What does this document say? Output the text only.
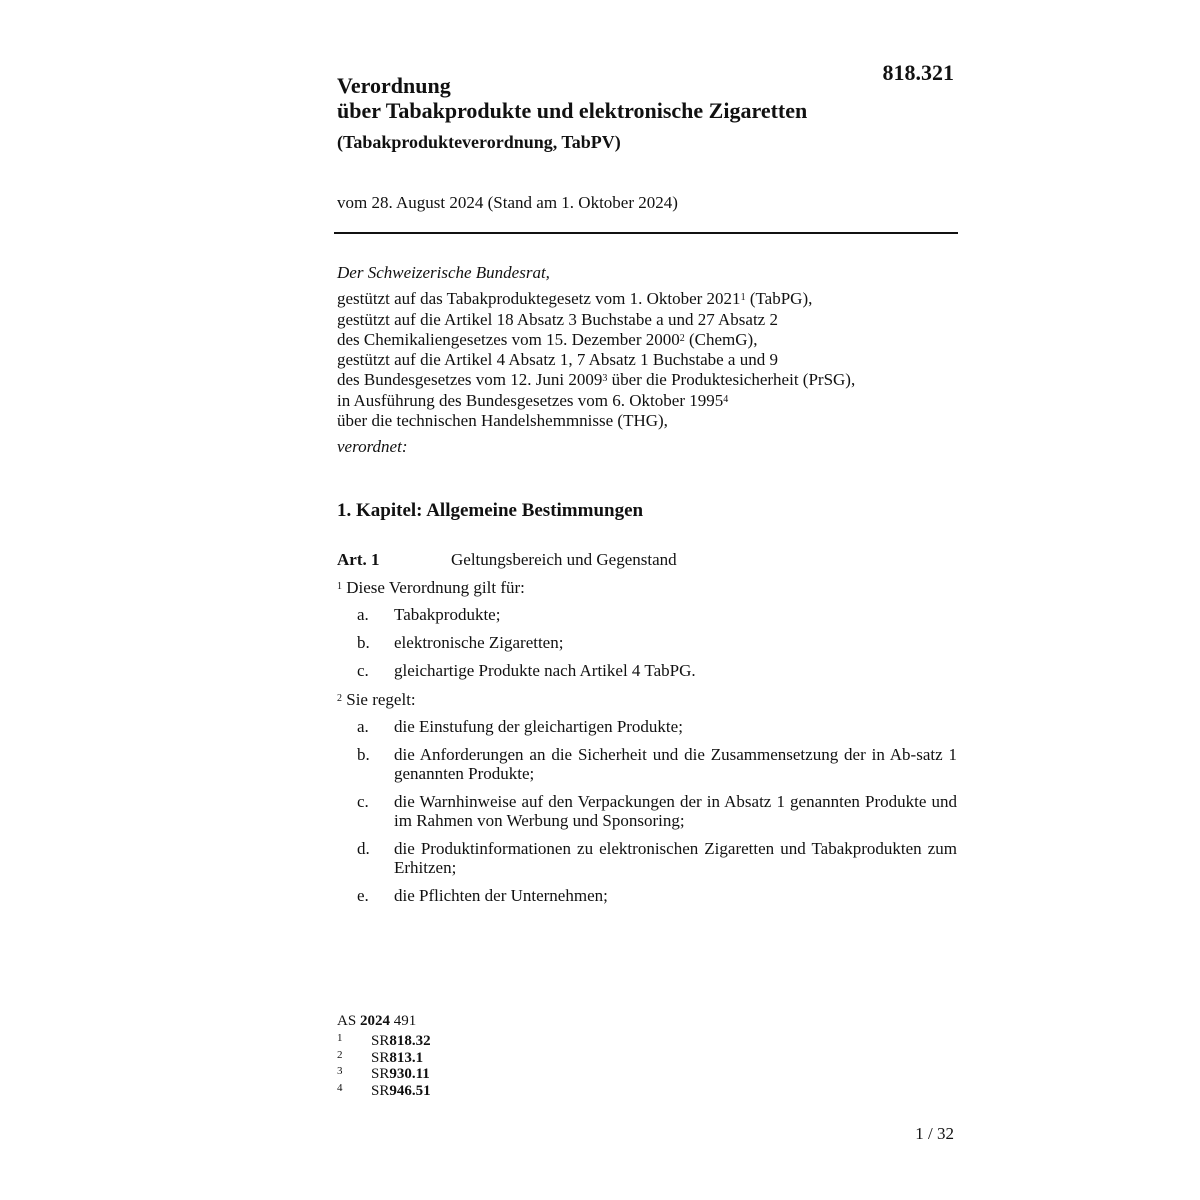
818.321
Verordnung
über Tabakprodukte und elektronische Zigaretten
(Tabakprodukteverordnung, TabPV)
vom 28. August 2024 (Stand am 1. Oktober 2024)
Der Schweizerische Bundesrat,
gestützt auf das Tabakproduktegesetz vom 1. Oktober 2021$^1$ (TabPG),
gestützt auf die Artikel 18 Absatz 3 Buchstabe a und 27 Absatz 2
des Chemikaliengesetzes vom 15. Dezember 2000$^2$ (ChemG),
gestützt auf die Artikel 4 Absatz 1, 7 Absatz 1 Buchstabe a und 9
des Bundesgesetzes vom 12. Juni 2009$^3$ über die Produktesicherheit (PrSG),
in Ausführung des Bundesgesetzes vom 6. Oktober 1995$^4$
über die technischen Handelshemmnisse (THG),
verordnet:
1. Kapitel: Allgemeine Bestimmungen
Art. 1	Geltungsbereich und Gegenstand
$^1$ Diese Verordnung gilt für:
a.	Tabakprodukte;
b.	elektronische Zigaretten;
c.	gleichartige Produkte nach Artikel 4 TabPG.
$^2$ Sie regelt:
a.	die Einstufung der gleichartigen Produkte;
b.	die Anforderungen an die Sicherheit und die Zusammensetzung der in Ab-satz 1 genannten Produkte;
c.	die Warnhinweise auf den Verpackungen der in Absatz 1 genannten Produkte und im Rahmen von Werbung und Sponsoring;
d.	die Produktinformationen zu elektronischen Zigaretten und Tabakprodukten zum Erhitzen;
e.	die Pflichten der Unternehmen;
AS 2024 491
1	SR 818.32
2	SR 813.1
3	SR 930.11
4	SR 946.51
1 / 32
